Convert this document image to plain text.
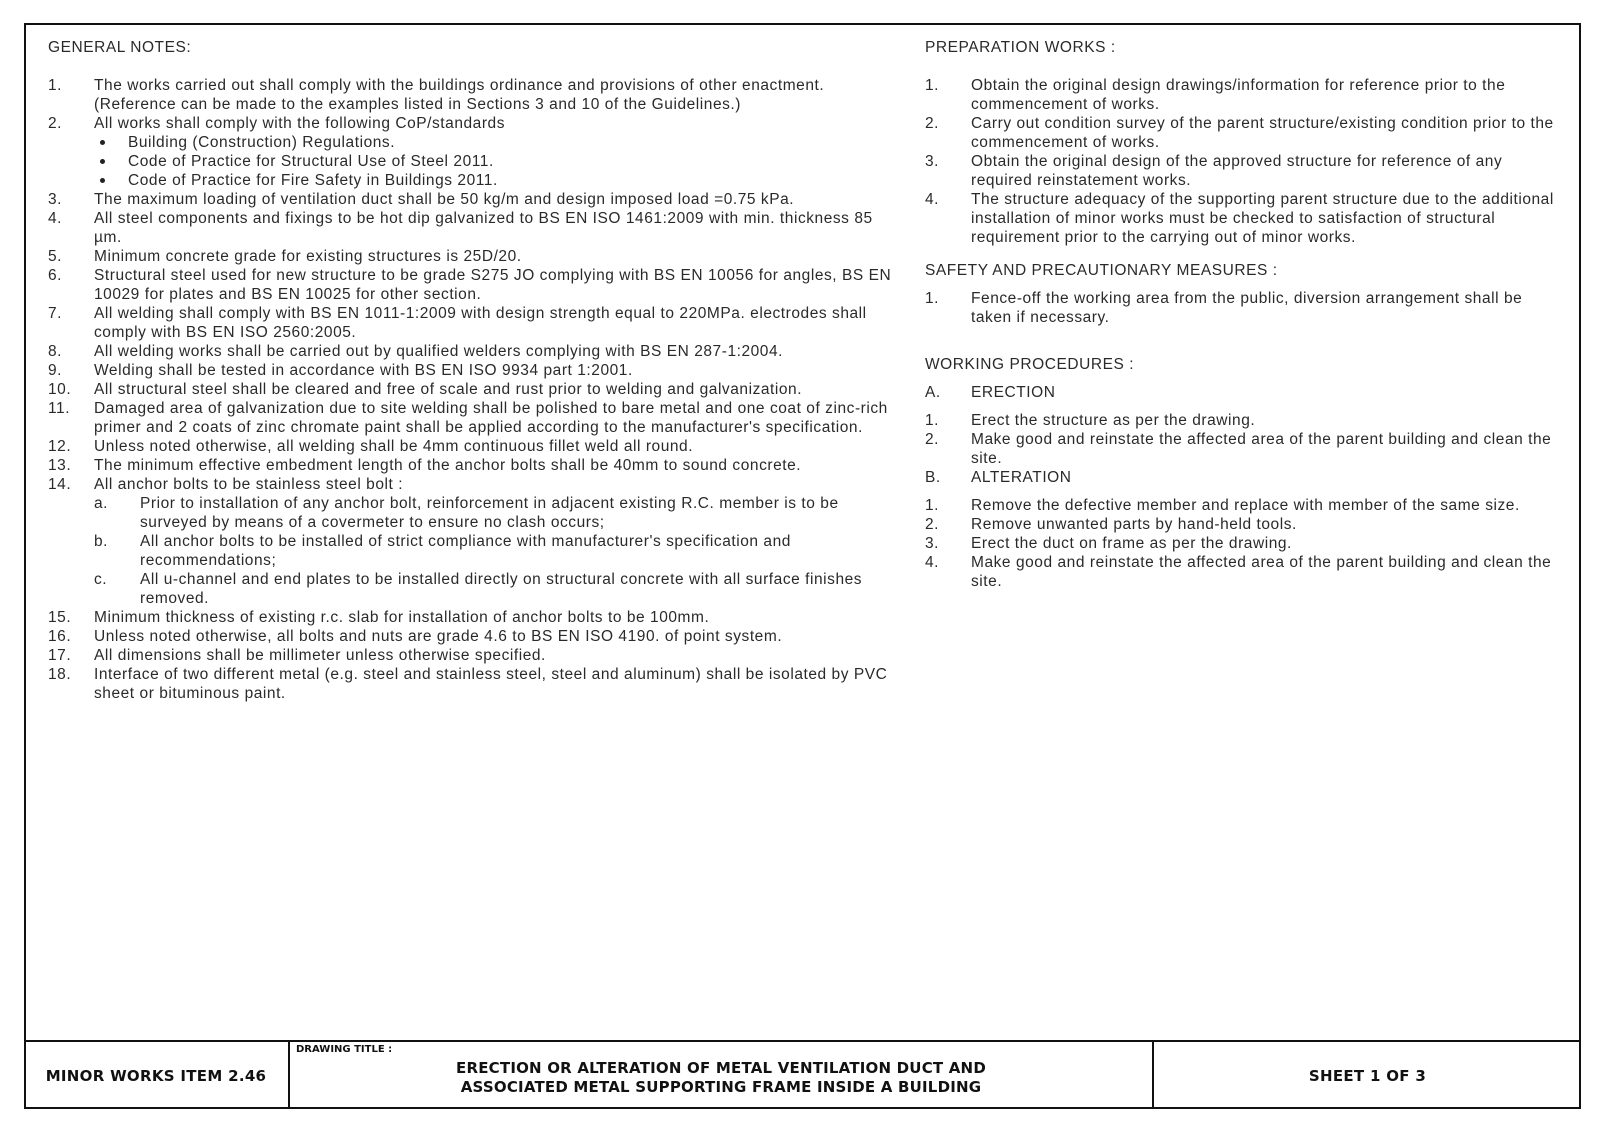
GENERAL NOTES:
1. The works carried out shall comply with the buildings ordinance and provisions of other enactment.(Reference can be made to the examples listed in Sections 3 and 10 of the Guidelines.)
2. All works shall comply with the following CoP/standards
Building (Construction) Regulations.
Code of Practice for Structural Use of Steel 2011.
Code of Practice for Fire Safety in Buildings 2011.
3. The maximum loading of ventilation duct shall be 50 kg/m and design imposed load =0.75 kPa.
4. All steel components and fixings to be hot dip galvanized to BS EN ISO 1461:2009 with min. thickness 85 µm.
5. Minimum concrete grade for existing structures is 25D/20.
6. Structural steel used for new structure to be grade S275 JO complying with BS EN 10056 for angles, BS EN 10029 for plates and BS EN 10025 for other section.
7. All welding shall comply with BS EN 1011-1:2009 with design strength equal to 220MPa. electrodes shall comply with BS EN ISO 2560:2005.
8. All welding works shall be carried out by qualified welders complying with BS EN 287-1:2004.
9. Welding shall be tested in accordance with BS EN ISO 9934 part 1:2001.
10. All structural steel shall be cleared and free of scale and rust prior to welding and galvanization.
11. Damaged area of galvanization due to site welding shall be polished to bare metal and one coat of zinc-rich primer and 2 coats of zinc chromate paint shall be applied according to the manufacturer's specification.
12. Unless noted otherwise, all welding shall be 4mm continuous fillet weld all round.
13. The minimum effective embedment length of the anchor bolts shall be 40mm to sound concrete.
14. All anchor bolts to be stainless steel bolt :
a. Prior to installation of any anchor bolt, reinforcement in adjacent existing R.C. member is to be surveyed by means of a covermeter to ensure no clash occurs;
b. All anchor bolts to be installed of strict compliance with manufacturer's specification and recommendations;
c. All u-channel and end plates to be installed directly on structural concrete with all surface finishes removed.
15. Minimum thickness of existing r.c. slab for installation of anchor bolts to be 100mm.
16. Unless noted otherwise, all bolts and nuts are grade 4.6 to BS EN ISO 4190. of point system.
17. All dimensions shall be millimeter unless otherwise specified.
18. Interface of two different metal (e.g. steel and stainless steel, steel and aluminum) shall be isolated by PVC sheet or bituminous paint.
PREPARATION WORKS :
1. Obtain the original design drawings/information for reference prior to the commencement of works.
2. Carry out condition survey of the parent structure/existing condition prior to the commencement of works.
3. Obtain the original design of the approved structure for reference of any required reinstatement works.
4. The structure adequacy of the supporting parent structure due to the additional installation of minor works must be checked to satisfaction of structural requirement prior to the carrying out of minor works.
SAFETY AND PRECAUTIONARY MEASURES :
1. Fence-off the working area from the public, diversion arrangement shall be taken if necessary.
WORKING PROCEDURES :
A. ERECTION
1. Erect the structure as per the drawing.
2. Make good and reinstate the affected area of the parent building and clean the site.
B. ALTERATION
1. Remove the defective member and replace with member of the same size.
2. Remove unwanted parts by hand-held tools.
3. Erect the duct on frame as per the drawing.
4. Make good and reinstate the affected area of the parent building and clean the site.
MINOR WORKS ITEM 2.46
DRAWING TITLE :
ERECTION OR ALTERATION OF METAL VENTILATION DUCT AND
ASSOCIATED METAL SUPPORTING FRAME INSIDE A BUILDING
SHEET 1 OF 3
